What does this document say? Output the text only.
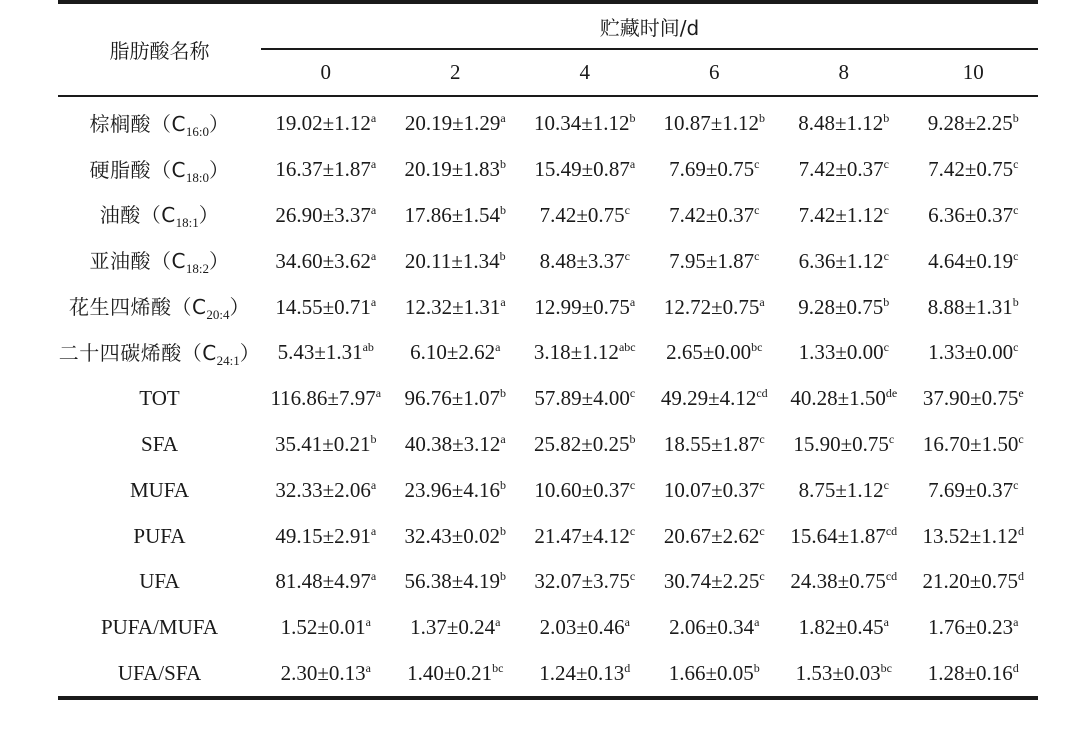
脂肪酸名称	贮藏时间/d					
	0	2	4	6	8	10
棕榈酸$(C_{16:0})$	19.02±1.12$^a$	20.19±1.29$^a$	10.34±1.12$^b$	10.87±1.12$^b$	8.48±1.12$^b$	9.28±2.25$^b$
硬脂酸$(C_{18:0})$	16.37±1.87$^a$	20.19±1.83$^b$	15.49±0.87$^a$	7.69±0.75$^c$	7.42±0.37$^c$	7.42±0.75$^c$
油酸$(C_{18:1})$	26.90±3.37$^a$	17.86±1.54$^b$	7.42±0.75$^c$	7.42±0.37$^c$	7.42±1.12$^c$	6.36±0.37$^c$
亚油酸$(C_{18:2})$	34.60±3.62$^a$	20.11±1.34$^b$	8.48±3.37$^c$	7.95±1.87$^c$	6.36±1.12$^c$	4.64±0.19$^c$
花生四烯酸$(C_{20:4})$	14.55±0.71$^a$	12.32±1.31$^a$	12.99±0.75$^a$	12.72±0.75$^a$	9.28±0.75$^b$	8.88±1.31$^b$
二十四碳烯酸$(C_{24:1})$	5.43±1.31$^{ab}$	6.10±2.62$^a$	3.18±1.12$^{abc}$	2.65±0.00$^{bc}$	1.33±0.00$^c$	1.33±0.00$^c$
TOT	116.86±7.97$^a$	96.76±1.07$^b$	57.89±4.00$^c$	49.29±4.12$^{cd}$	40.28±1.50de	37.90±0.75$^e$
SFA	35.41±0.21$^b$	40.38±3.12$^a$	25.82±0.25$^b$	18.55±1.87$^c$	15.90±0.75$^c$	16.70±1.50$^c$
MUFA	32.33±2.06$^a$	23.96±4.16$^b$	10.60±0.37$^c$	10.07±0.37$^c$	8.75±1.12$^c$	7.69±0.37$^c$
PUFA	49.15±2.91$^a$	32.43±0.02$^b$	21.47±4.12$^c$	20.67±2.62$^c$	15.64±1.87$^{cd}$	13.52±1.12$^d$
UFA	81.48±4.97$^a$	56.38±4.19$^b$	32.07±3.75$^c$	30.74±2.25$^c$	24.38±0.75$^{cd}$	21.20±0.75$^d$
PUFA/MUFA	1.52±0.01$^a$	1.37±0.24$^a$	2.03±0.46$^a$	2.06±0.34$^a$	1.82±0.45$^a$	1.76±0.23$^a$
UFA/SFA	2.30±0.13$^a$	1.40±0.21$^{bc}$	1.24±0.13$^d$	1.66±0.05$^b$	1.53±0.03$^{bc}$	1.28±0.16$^d$
